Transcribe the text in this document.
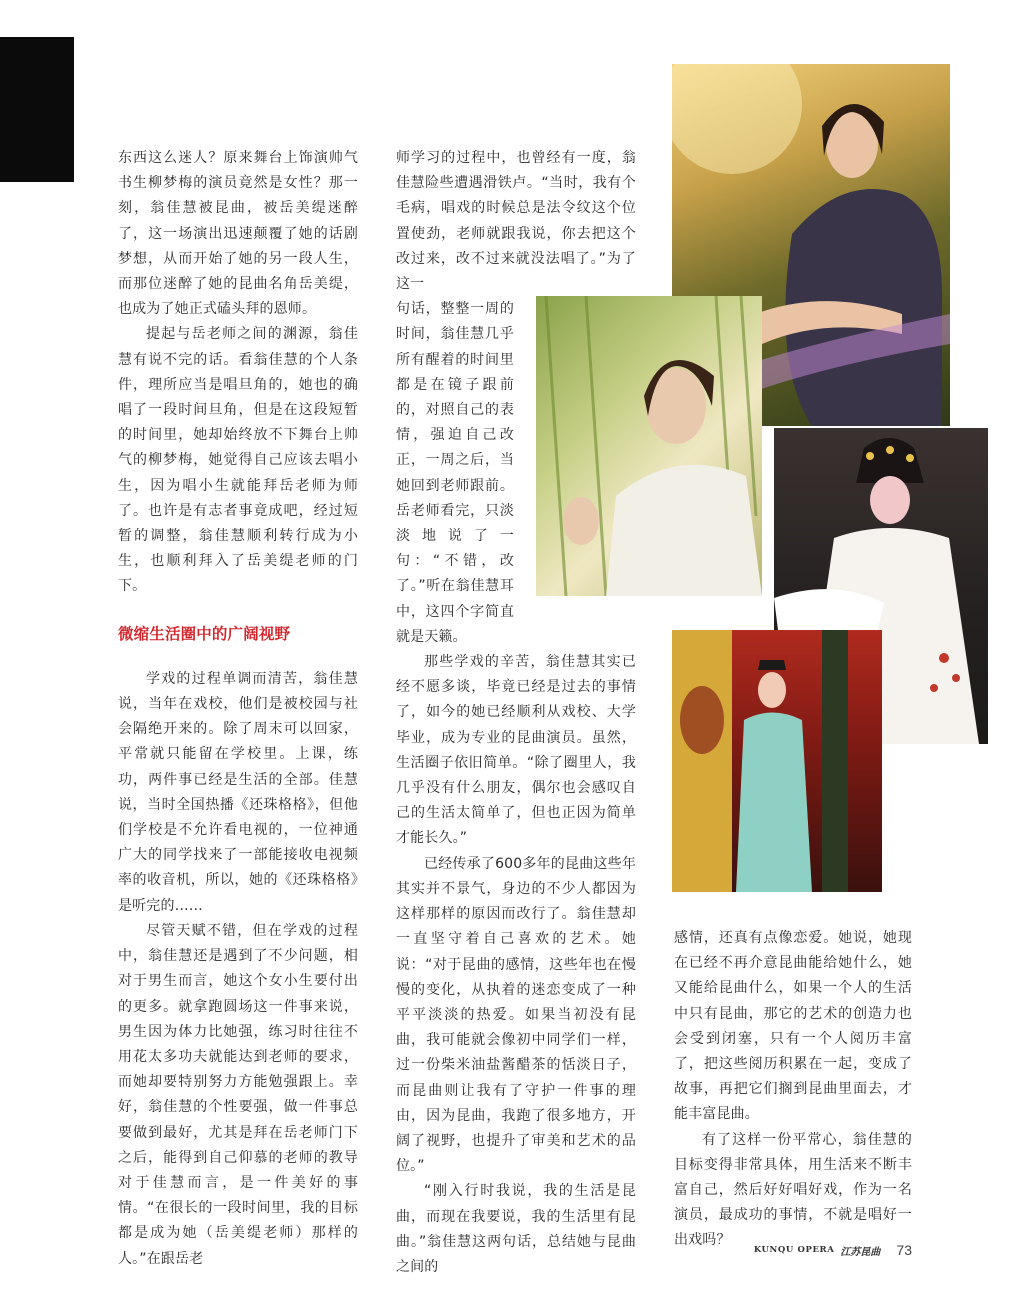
东西这么迷人？原来舞台上饰演帅气书生柳梦梅的演员竟然是女性？那一刻，翁佳慧被昆曲，被岳美缇迷醉了，这一场演出迅速颠覆了她的话剧梦想，从而开始了她的另一段人生，而那位迷醉了她的昆曲名角岳美缇，也成为了她正式磕头拜的恩师。

提起与岳老师之间的渊源，翁佳慧有说不完的话。看翁佳慧的个人条件，理所应当是唱旦角的，她也的确唱了一段时间旦角，但是在这段短暂的时间里，她却始终放不下舞台上帅气的柳梦梅，她觉得自己应该去唱小生，因为唱小生就能拜岳老师为师了。也许是有志者事竟成吧，经过短暂的调整，翁佳慧顺利转行成为小生，也顺利拜入了岳美缇老师的门下。

微缩生活圈中的广阔视野

学戏的过程单调而清苦，翁佳慧说，当年在戏校，他们是被校园与社会隔绝开来的。除了周末可以回家，平常就只能留在学校里。上课，练功，两件事已经是生活的全部。佳慧说，当时全国热播《还珠格格》，但他们学校是不允许看电视的，一位神通广大的同学找来了一部能接收电视频率的收音机，所以，她的《还珠格格》是听完的……

尽管天赋不错，但在学戏的过程中，翁佳慧还是遇到了不少问题，相对于男生而言，她这个女小生要付出的更多。就拿跑圆场这一件事来说，男生因为体力比她强，练习时往往不用花太多功夫就能达到老师的要求，而她却要特别努力方能勉强跟上。幸好，翁佳慧的个性要强，做一件事总要做到最好，尤其是拜在岳老师门下之后，能得到自己仰慕的老师的教导对于佳慧而言，是一件美好的事情。“在很长的一段时间里，我的目标都是成为她（岳美缇老师）那样的人。”在跟岳老

师学习的过程中，也曾经有一度，翁佳慧险些遭遇滑铁卢。“当时，我有个毛病，唱戏的时候总是法令纹这个位置使劲，老师就跟我说，你去把这个改过来，改不过来就没法唱了。”为了这一

句话，整整一周的时间，翁佳慧几乎所有醒着的时间里都是在镜子跟前的，对照自己的表情，强迫自己改正，一周之后，当她回到老师跟前。岳老师看完，只淡淡地说了一句：“不错，改了。”听在翁佳慧耳中，这四个字简直就是天籁。

那些学戏的辛苦，翁佳慧其实已经不愿多谈，毕竟已经是过去的事情了，如今的她已经顺利从戏校、大学毕业，成为专业的昆曲演员。虽然，生活圈子依旧简单。“除了圈里人，我几乎没有什么朋友，偶尔也会感叹自己的生活太简单了，但也正因为简单才能长久。”

已经传承了600多年的昆曲这些年其实并不景气，身边的不少人都因为这样那样的原因而改行了。翁佳慧却一直坚守着自己喜欢的艺术。她说：“对于昆曲的感情，这些年也在慢慢的变化，从执着的迷恋变成了一种平平淡淡的热爱。如果当初没有昆曲，我可能就会像初中同学们一样，过一份柴米油盐酱醋茶的恬淡日子，而昆曲则让我有了守护一件事的理由，因为昆曲，我跑了很多地方，开阔了视野，也提升了审美和艺术的品位。”

“刚入行时我说，我的生活是昆曲，而现在我要说，我的生活里有昆曲。”翁佳慧这两句话，总结她与昆曲之间的

感情，还真有点像恋爱。她说，她现在已经不再介意昆曲能给她什么，她又能给昆曲什么，如果一个人的生活中只有昆曲，那它的艺术的创造力也会受到闭塞，只有一个人阅历丰富了，把这些阅历积累在一起，变成了故事，再把它们搁到昆曲里面去，才能丰富昆曲。

有了这样一份平常心，翁佳慧的目标变得非常具体，用生活来不断丰富自己，然后好好唱好戏，作为一名演员，最成功的事情，不就是唱好一出戏吗？

KUNQU OPERA 江苏昆曲 73
